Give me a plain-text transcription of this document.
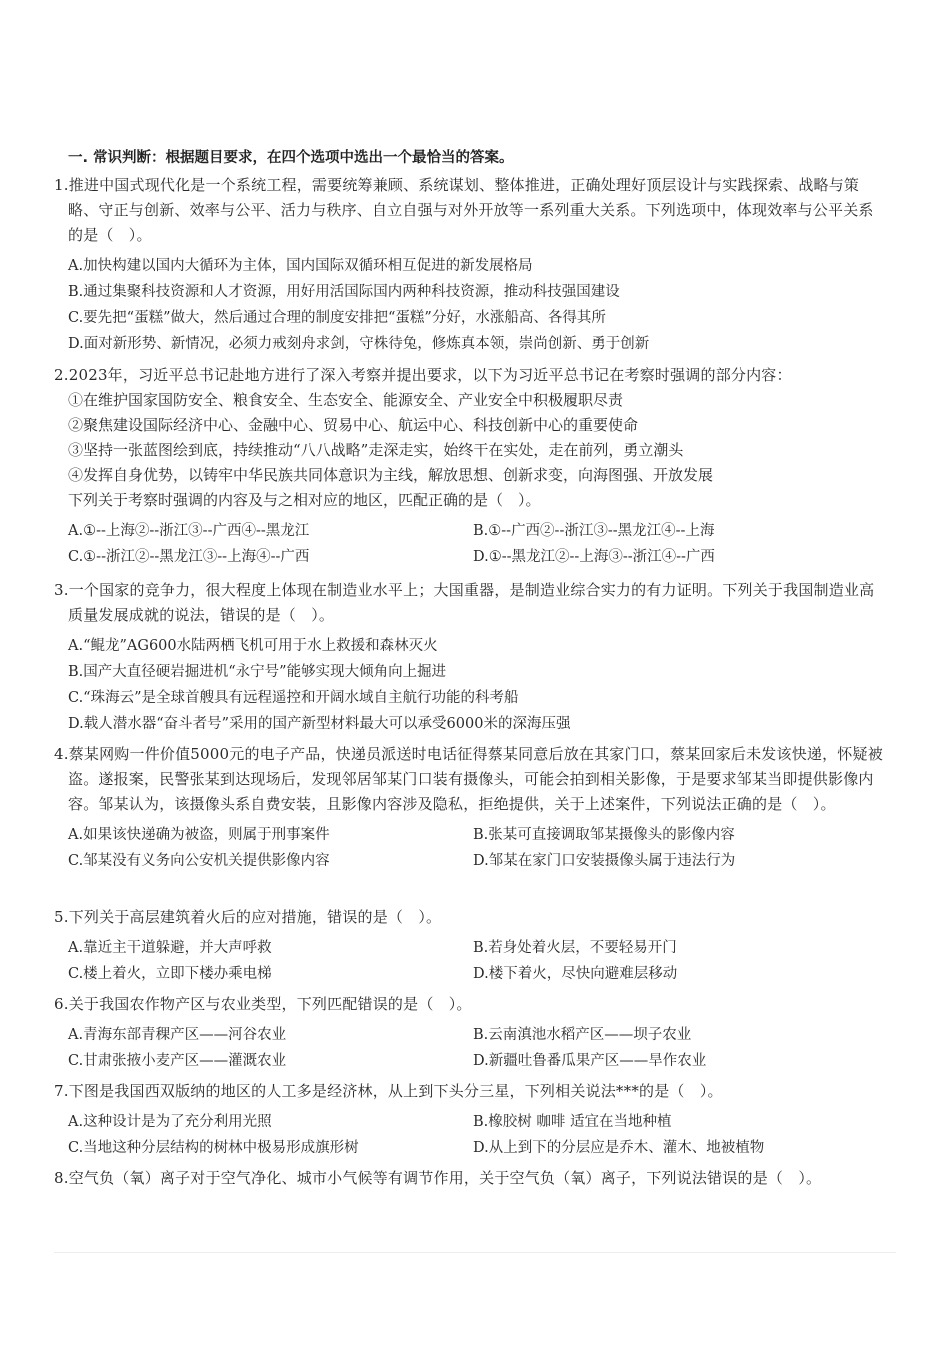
一. 常识判断：根据题目要求，在四个选项中选出一个最恰当的答案。
1.推进中国式现代化是一个系统工程，需要统筹兼顾、系统谋划、整体推进，正确处理好顶层设计与实践探索、战略与策略、守正与创新、效率与公平、活力与秩序、自立自强与对外开放等一系列重大关系。下列选项中，体现效率与公平关系的是（　）。
A.加快构建以国内大循环为主体，国内国际双循环相互促进的新发展格局
B.通过集聚科技资源和人才资源，用好用活国际国内两种科技资源，推动科技强国建设
C.要先把“蛋糕”做大，然后通过合理的制度安排把“蛋糕”分好，水涨船高、各得其所
D.面对新形势、新情况，必须力戒刻舟求剑，守株待兔，修炼真本领，崇尚创新、勇于创新
2.2023年，习近平总书记赴地方进行了深入考察并提出要求，以下为习近平总书记在考察时强调的部分内容：
①在维护国家国防安全、粮食安全、生态安全、能源安全、产业安全中积极履职尽责
②聚焦建设国际经济中心、金融中心、贸易中心、航运中心、科技创新中心的重要使命
③坚持一张蓝图绘到底，持续推动“八八战略”走深走实，始终干在实处，走在前列，勇立潮头
④发挥自身优势，以铸牢中华民族共同体意识为主线，解放思想、创新求变，向海图强、开放发展
下列关于考察时强调的内容及与之相对应的地区，匹配正确的是（　）。
A.①--上海②--浙江③--广西④--黑龙江	B.①--广西②--浙江③--黑龙江④--上海
C.①--浙江②--黑龙江③--上海④--广西	D.①--黑龙江②--上海③--浙江④--广西
3.一个国家的竞争力，很大程度上体现在制造业水平上；大国重器，是制造业综合实力的有力证明。下列关于我国制造业高质量发展成就的说法，错误的是（　）。
A.“鲲龙”AG600水陆两栖飞机可用于水上救援和森林灭火
B.国产大直径硬岩掘进机“永宁号”能够实现大倾角向上掘进
C.“珠海云”是全球首艘具有远程遥控和开阔水域自主航行功能的科考船
D.载人潜水器“奋斗者号”采用的国产新型材料最大可以承受6000米的深海压强
4.蔡某网购一件价值5000元的电子产品，快递员派送时电话征得蔡某同意后放在其家门口，蔡某回家后未发该快递，怀疑被盗。遂报案，民警张某到达现场后，发现邻居邹某门口装有摄像头，可能会拍到相关影像，于是要求邹某当即提供影像内容。邹某认为，该摄像头系自费安装，且影像内容涉及隐私，拒绝提供，关于上述案件，下列说法正确的是（　）。
A.如果该快递确为被盗，则属于刑事案件	B.张某可直接调取邹某摄像头的影像内容
C.邹某没有义务向公安机关提供影像内容	D.邹某在家门口安装摄像头属于违法行为
5.下列关于高层建筑着火后的应对措施，错误的是（　）。
A.靠近主干道躲避，并大声呼救	B.若身处着火层，不要轻易开门
C.楼上着火，立即下楼办乘电梯	D.楼下着火，尽快向避难层移动
6.关于我国农作物产区与农业类型，下列匹配错误的是（　）。
A.青海东部青稞产区——河谷农业	B.云南滇池水稻产区——坝子农业
C.甘肃张掖小麦产区——灌溉农业	D.新疆吐鲁番瓜果产区——旱作农业
7.下图是我国西双版纳的地区的人工多是经济林，从上到下头分三星，下列相关说法***的是（　）。
A.这种设计是为了充分利用光照	B.橡胶树 咖啡 适宜在当地种植
C.当地这种分层结构的树林中极易形成旗形树	D.从上到下的分层应是乔木、灌木、地被植物
8.空气负（氧）离子对于空气净化、城市小气候等有调节作用，关于空气负（氧）离子，下列说法错误的是（　）。
